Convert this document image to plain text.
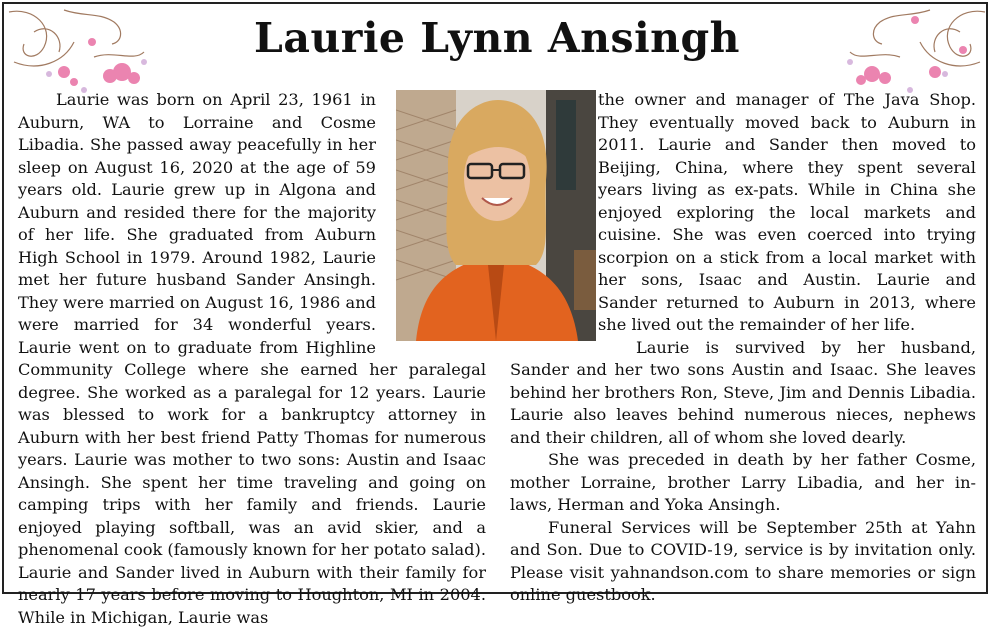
Laurie Lynn Ansingh

Laurie was born on April 23, 1961 in Auburn, WA to Lorraine and Cosme Libadia. She passed away peacefully in her sleep on August 16, 2020 at the age of 59 years old. Laurie grew up in Algona and Auburn and resided there for the majority of her life. She graduated from Auburn High School in 1979. Around 1982, Laurie met her future husband Sander Ansingh. They were married on August 16, 1986 and were married for 34 wonderful years. Laurie went on to graduate from Highline Community College where she earned her paralegal degree. She worked as a paralegal for 12 years. Laurie was blessed to work for a bankruptcy attorney in Auburn with her best friend Patty Thomas for numerous years. Laurie was mother to two sons: Austin and Isaac Ansingh. She spent her time traveling and going on camping trips with her family and friends. Laurie enjoyed playing softball, was an avid skier, and a phenomenal cook (famously known for her potato salad). Laurie and Sander lived in Auburn with their family for nearly 17 years before moving to Houghton, MI in 2004. While in Michigan, Laurie was

the owner and manager of The Java Shop. They eventually moved back to Auburn in 2011. Laurie and Sander then moved to Beijing, China, where they spent several years living as ex-pats. While in China she enjoyed exploring the local markets and cuisine. She was even coerced into trying scorpion on a stick from a local market with her sons, Isaac and Austin. Laurie and Sander returned to Auburn in 2013, where she lived out the remainder of her life.

Laurie is survived by her husband, Sander and her two sons Austin and Isaac. She leaves behind her brothers Ron, Steve, Jim and Dennis Libadia. Laurie also leaves behind numerous nieces, nephews and their children, all of whom she loved dearly.

She was preceded in death by her father Cosme, mother Lorraine, brother Larry Libadia, and her in-laws, Herman and Yoka Ansingh.

Funeral Services will be September 25th at Yahn and Son. Due to COVID-19, service is by invitation only. Please visit yahnandson.com to share memories or sign online guestbook.
